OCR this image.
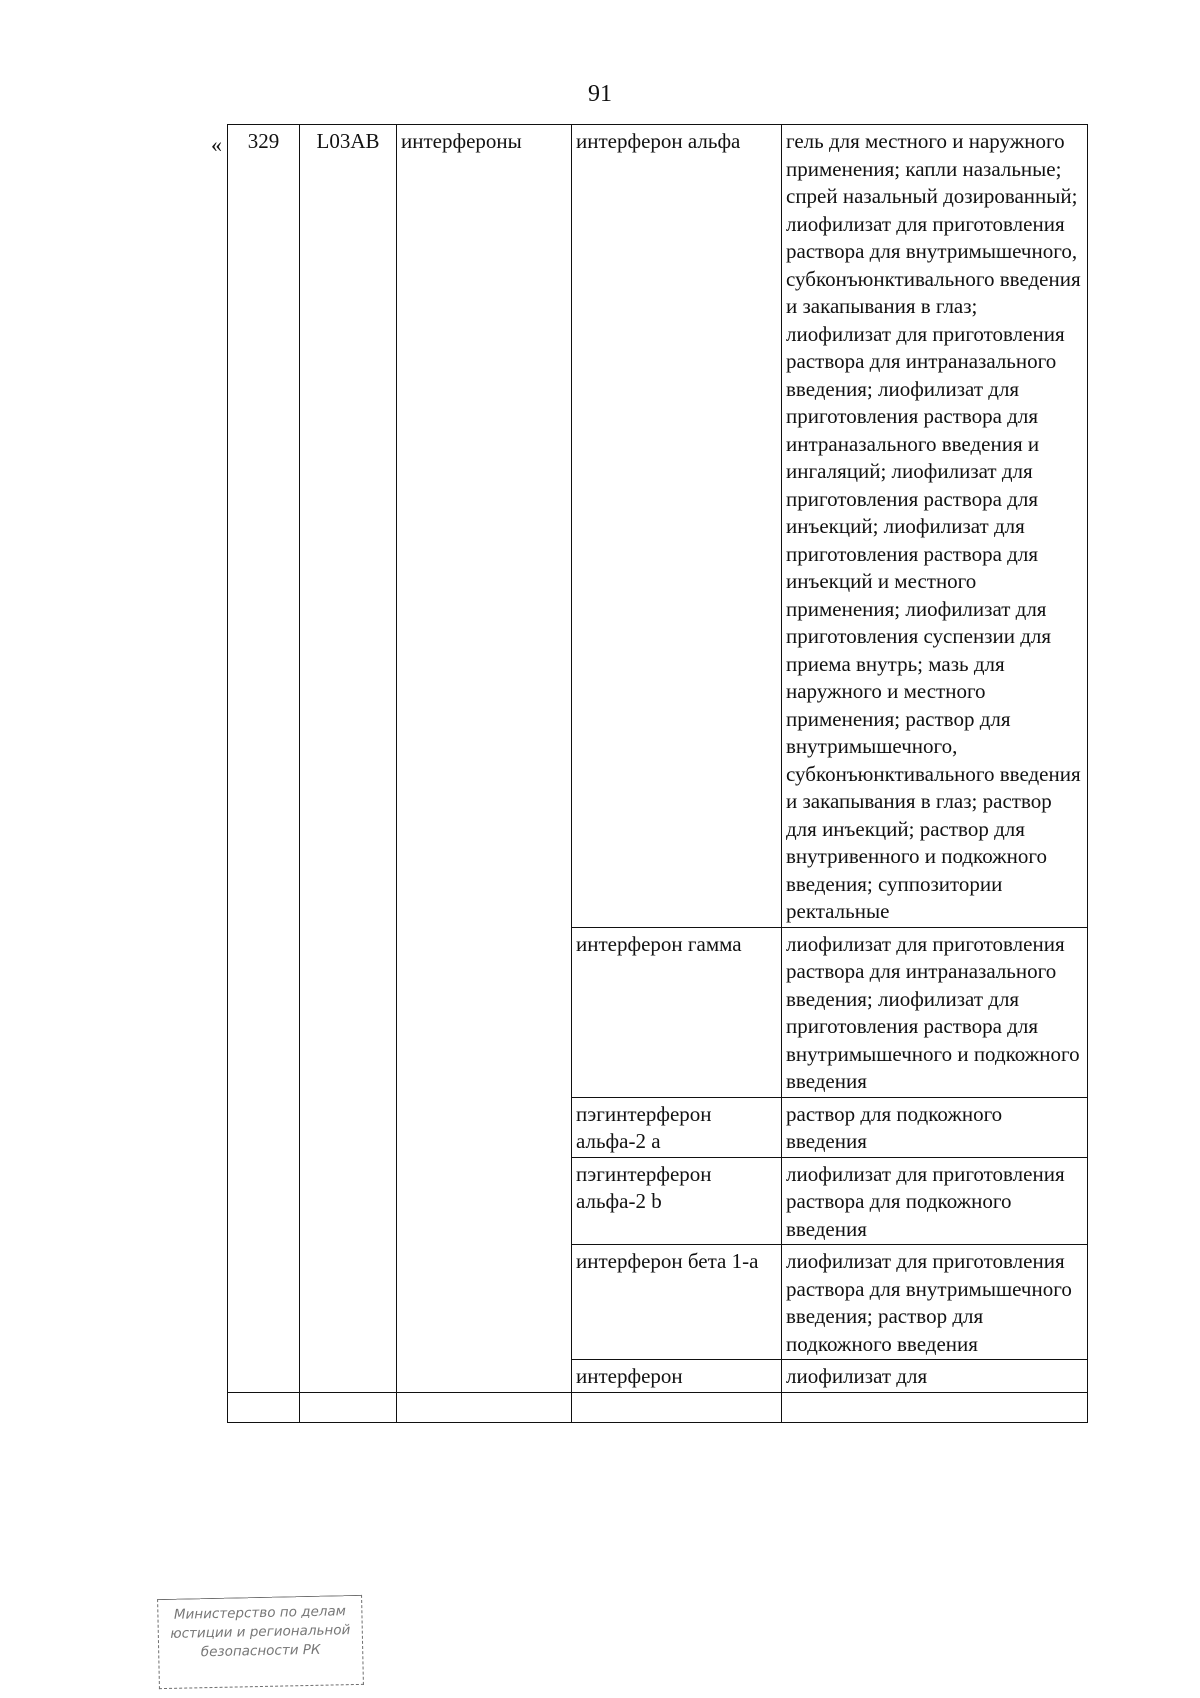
91
« 329	L03AB	интерфероны	интерферон альфа	гель для местного и наружного применения; капли назальные; спрей назальный дозированный; лиофилизат для приготовления раствора для внутримышечного, субконъюнктивального введения и закапывания в глаз; лиофилизат для приготовления раствора для интраназального введения; лиофилизат для приготовления раствора для интраназального введения и ингаляций; лиофилизат для приготовления раствора для инъекций; лиофилизат для приготовления раствора для инъекций и местного применения; лиофилизат для приготовления суспензии для приема внутрь; мазь для наружного и местного применения; раствор для внутримышечного, субконъюнктивального введения и закапывания в глаз; раствор для инъекций; раствор для внутривенного и подкожного введения; суппозитории ректальные
			интерферон гамма	лиофилизат для приготовления раствора для интраназального введения; лиофилизат для приготовления раствора для внутримышечного и подкожного введения
			пэгинтерферон альфа-2 а	раствор для подкожного введения
			пэгинтерферон альфа-2 b	лиофилизат для приготовления раствора для подкожного введения
			интерферон бета 1-а	лиофилизат для приготовления раствора для внутримышечного введения; раствор для подкожного введения
			интерферон	лиофилизат для

Министерство по делам
юстиции и региональной
безопасности РК
